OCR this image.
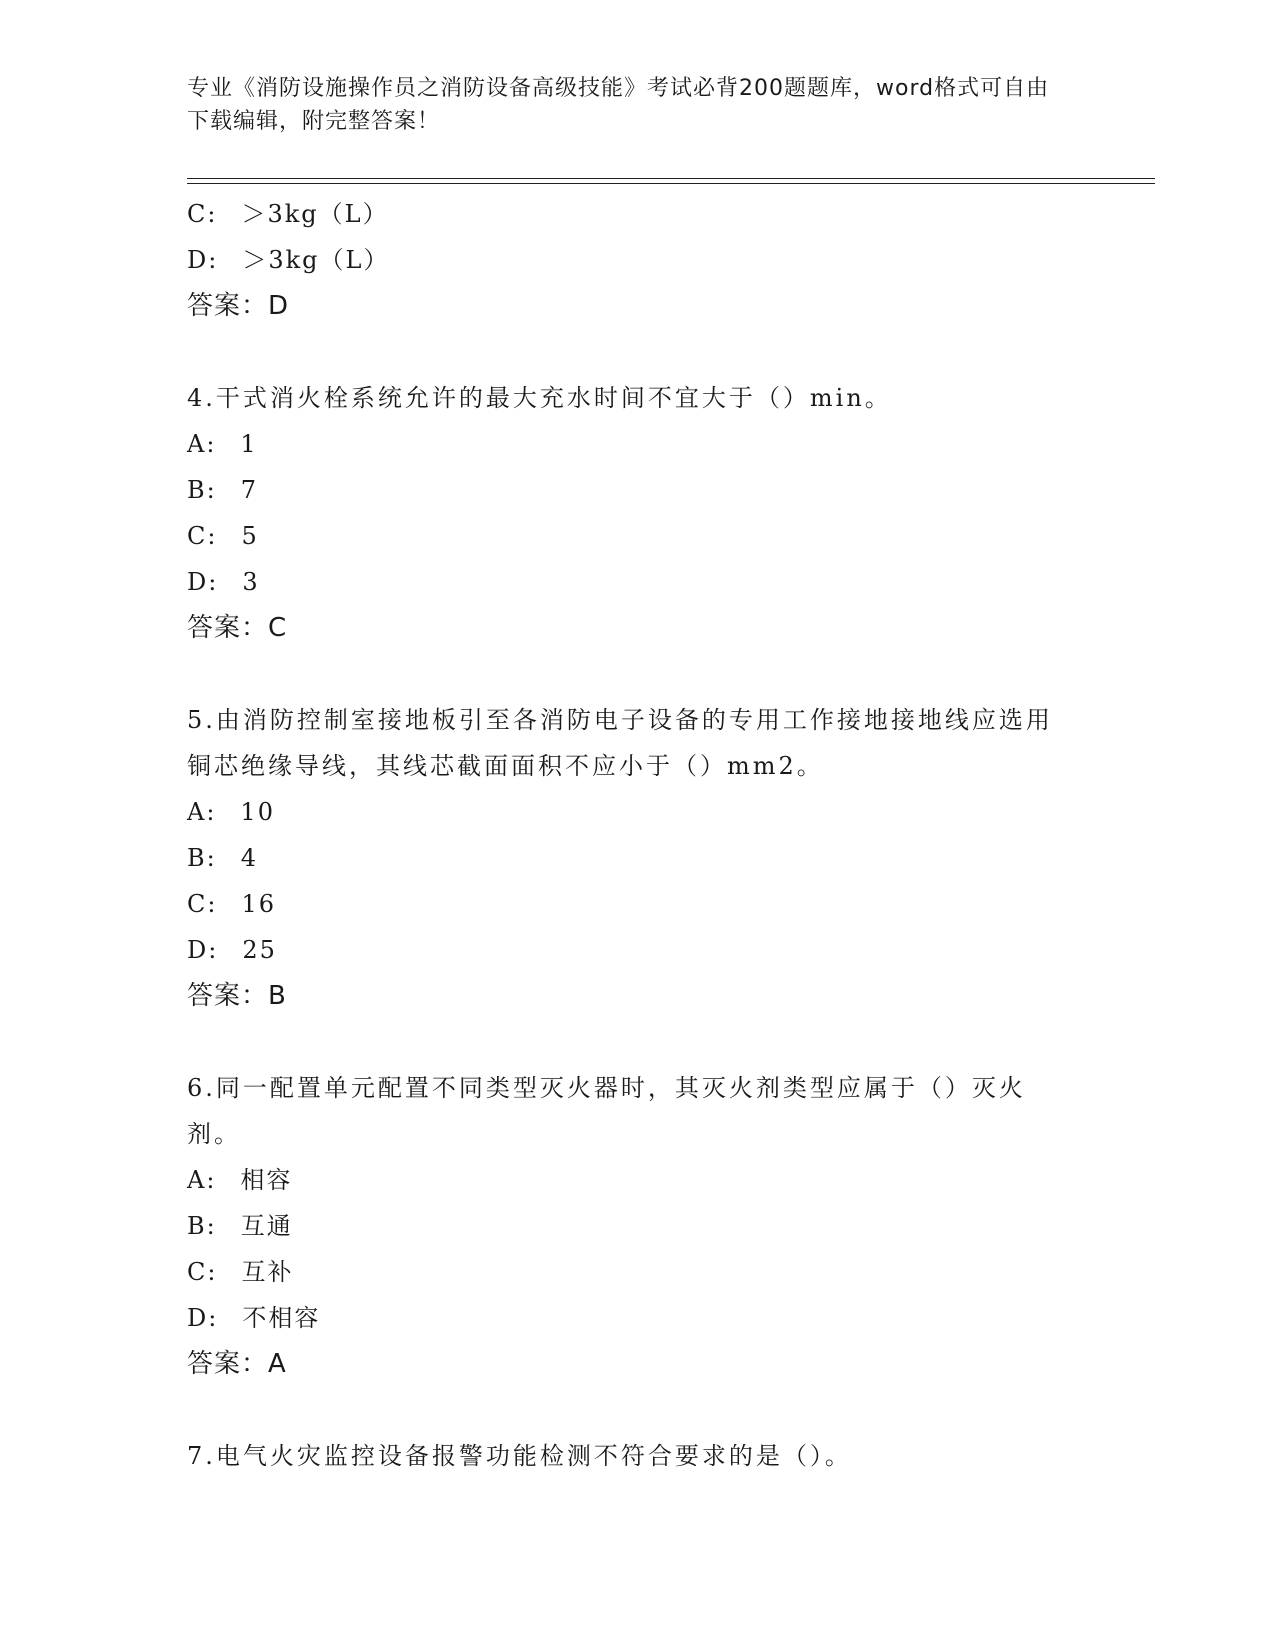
专业《消防设施操作员之消防设备高级技能》考试必背200题题库，word格式可自由下载编辑，附完整答案！
C: ＞3kg（L）
D: ＞3kg（L）
答案：D
4.干式消火栓系统允许的最大充水时间不宜大于（）min。
A: 1
B: 7
C: 5
D: 3
答案：C
5.由消防控制室接地板引至各消防电子设备的专用工作接地接地线应选用铜芯绝缘导线，其线芯截面面积不应小于（）mm2。
A: 10
B: 4
C: 16
D: 25
答案：B
6.同一配置单元配置不同类型灭火器时，其灭火剂类型应属于（）灭火剂。
A: 相容
B: 互通
C: 互补
D: 不相容
答案：A
7.电气火灾监控设备报警功能检测不符合要求的是（）。
